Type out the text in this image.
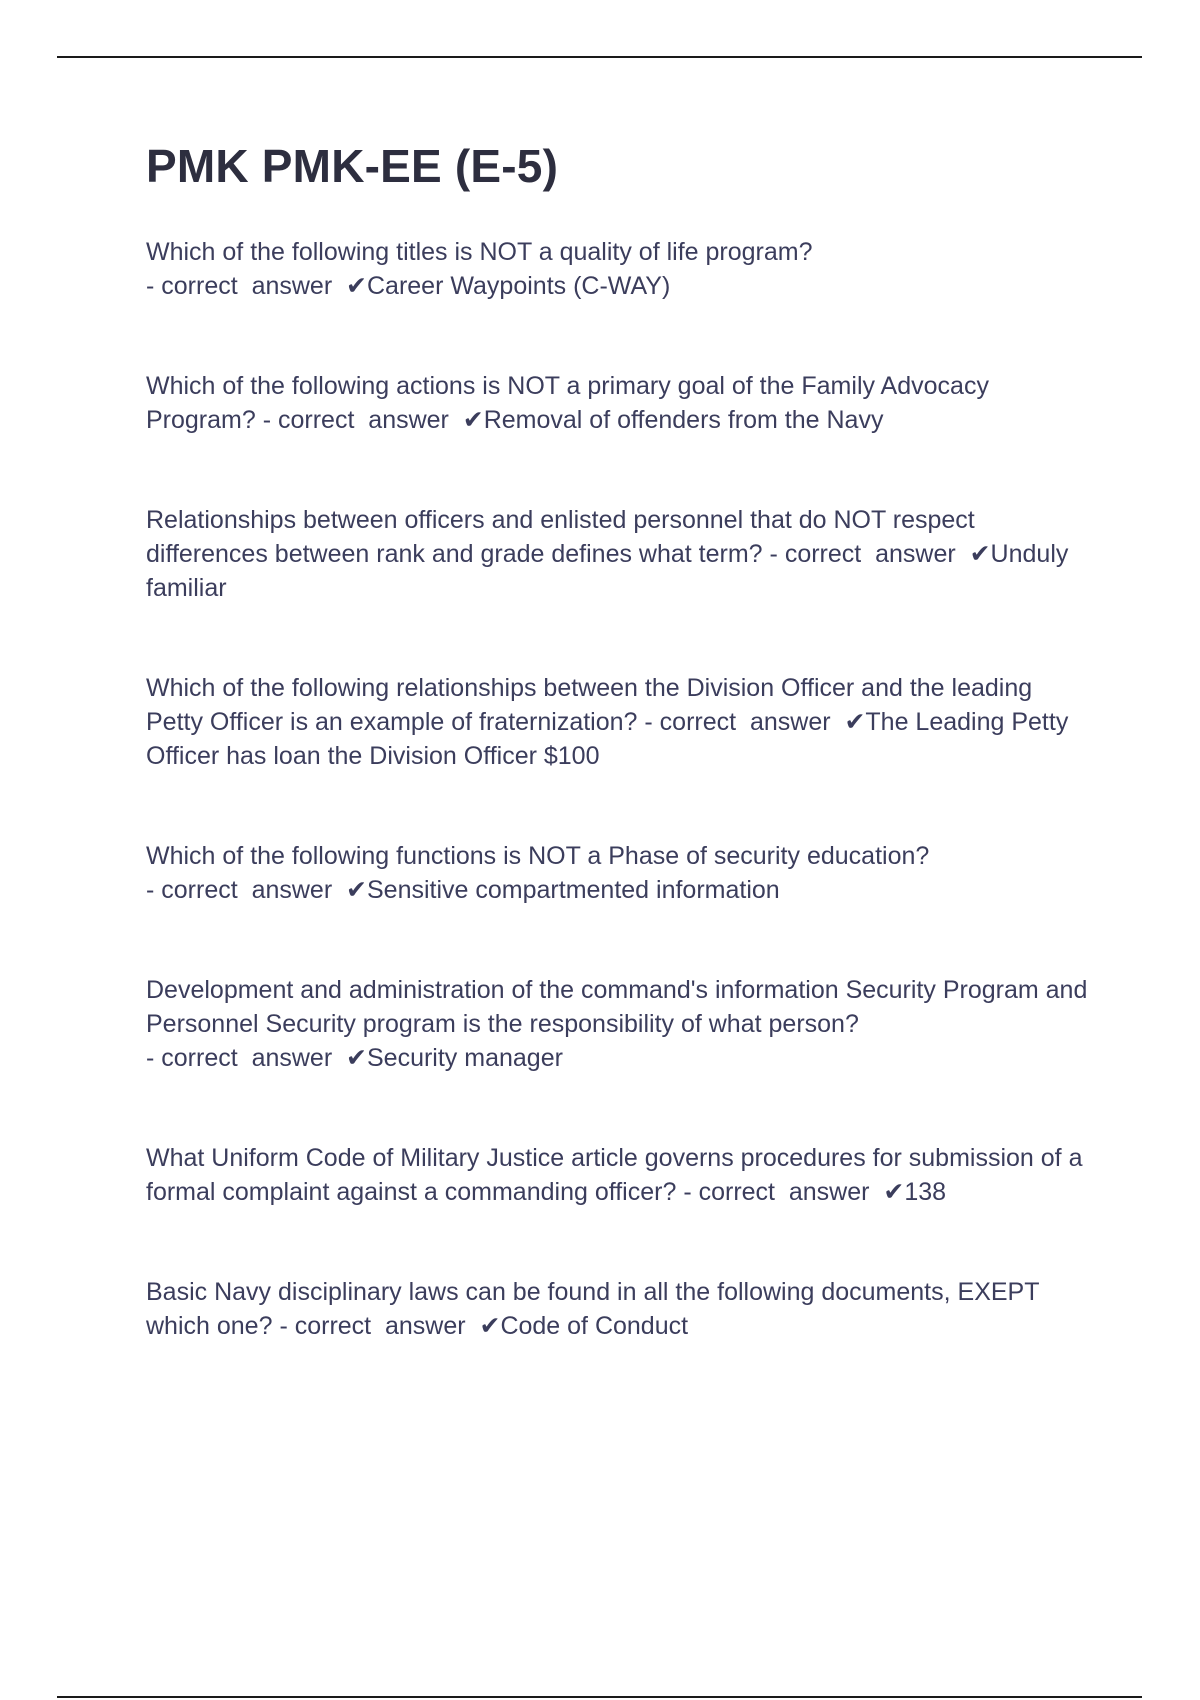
PMK PMK-EE (E-5)
Which of the following titles is NOT a quality of life program? - correct  answer  ✔Career Waypoints (C-WAY)
Which of the following actions is NOT a primary goal of the Family Advocacy Program? - correct  answer  ✔Removal of offenders from the Navy
Relationships between officers and enlisted personnel that do NOT respect differences between rank and grade defines what term? - correct  answer  ✔Unduly familiar
Which of the following relationships between the Division Officer and the leading Petty Officer is an example of fraternization? - correct  answer  ✔The Leading Petty Officer has loan the Division Officer $100
Which of the following functions is NOT a Phase of security education? - correct  answer  ✔Sensitive compartmented information
Development and administration of the command's information Security Program and Personnel Security program is the responsibility of what person? - correct  answer  ✔Security manager
What Uniform Code of Military Justice article governs procedures for submission of a formal complaint against a commanding officer? - correct  answer  ✔138
Basic Navy disciplinary laws can be found in all the following documents, EXEPT which one? - correct  answer  ✔Code of Conduct
